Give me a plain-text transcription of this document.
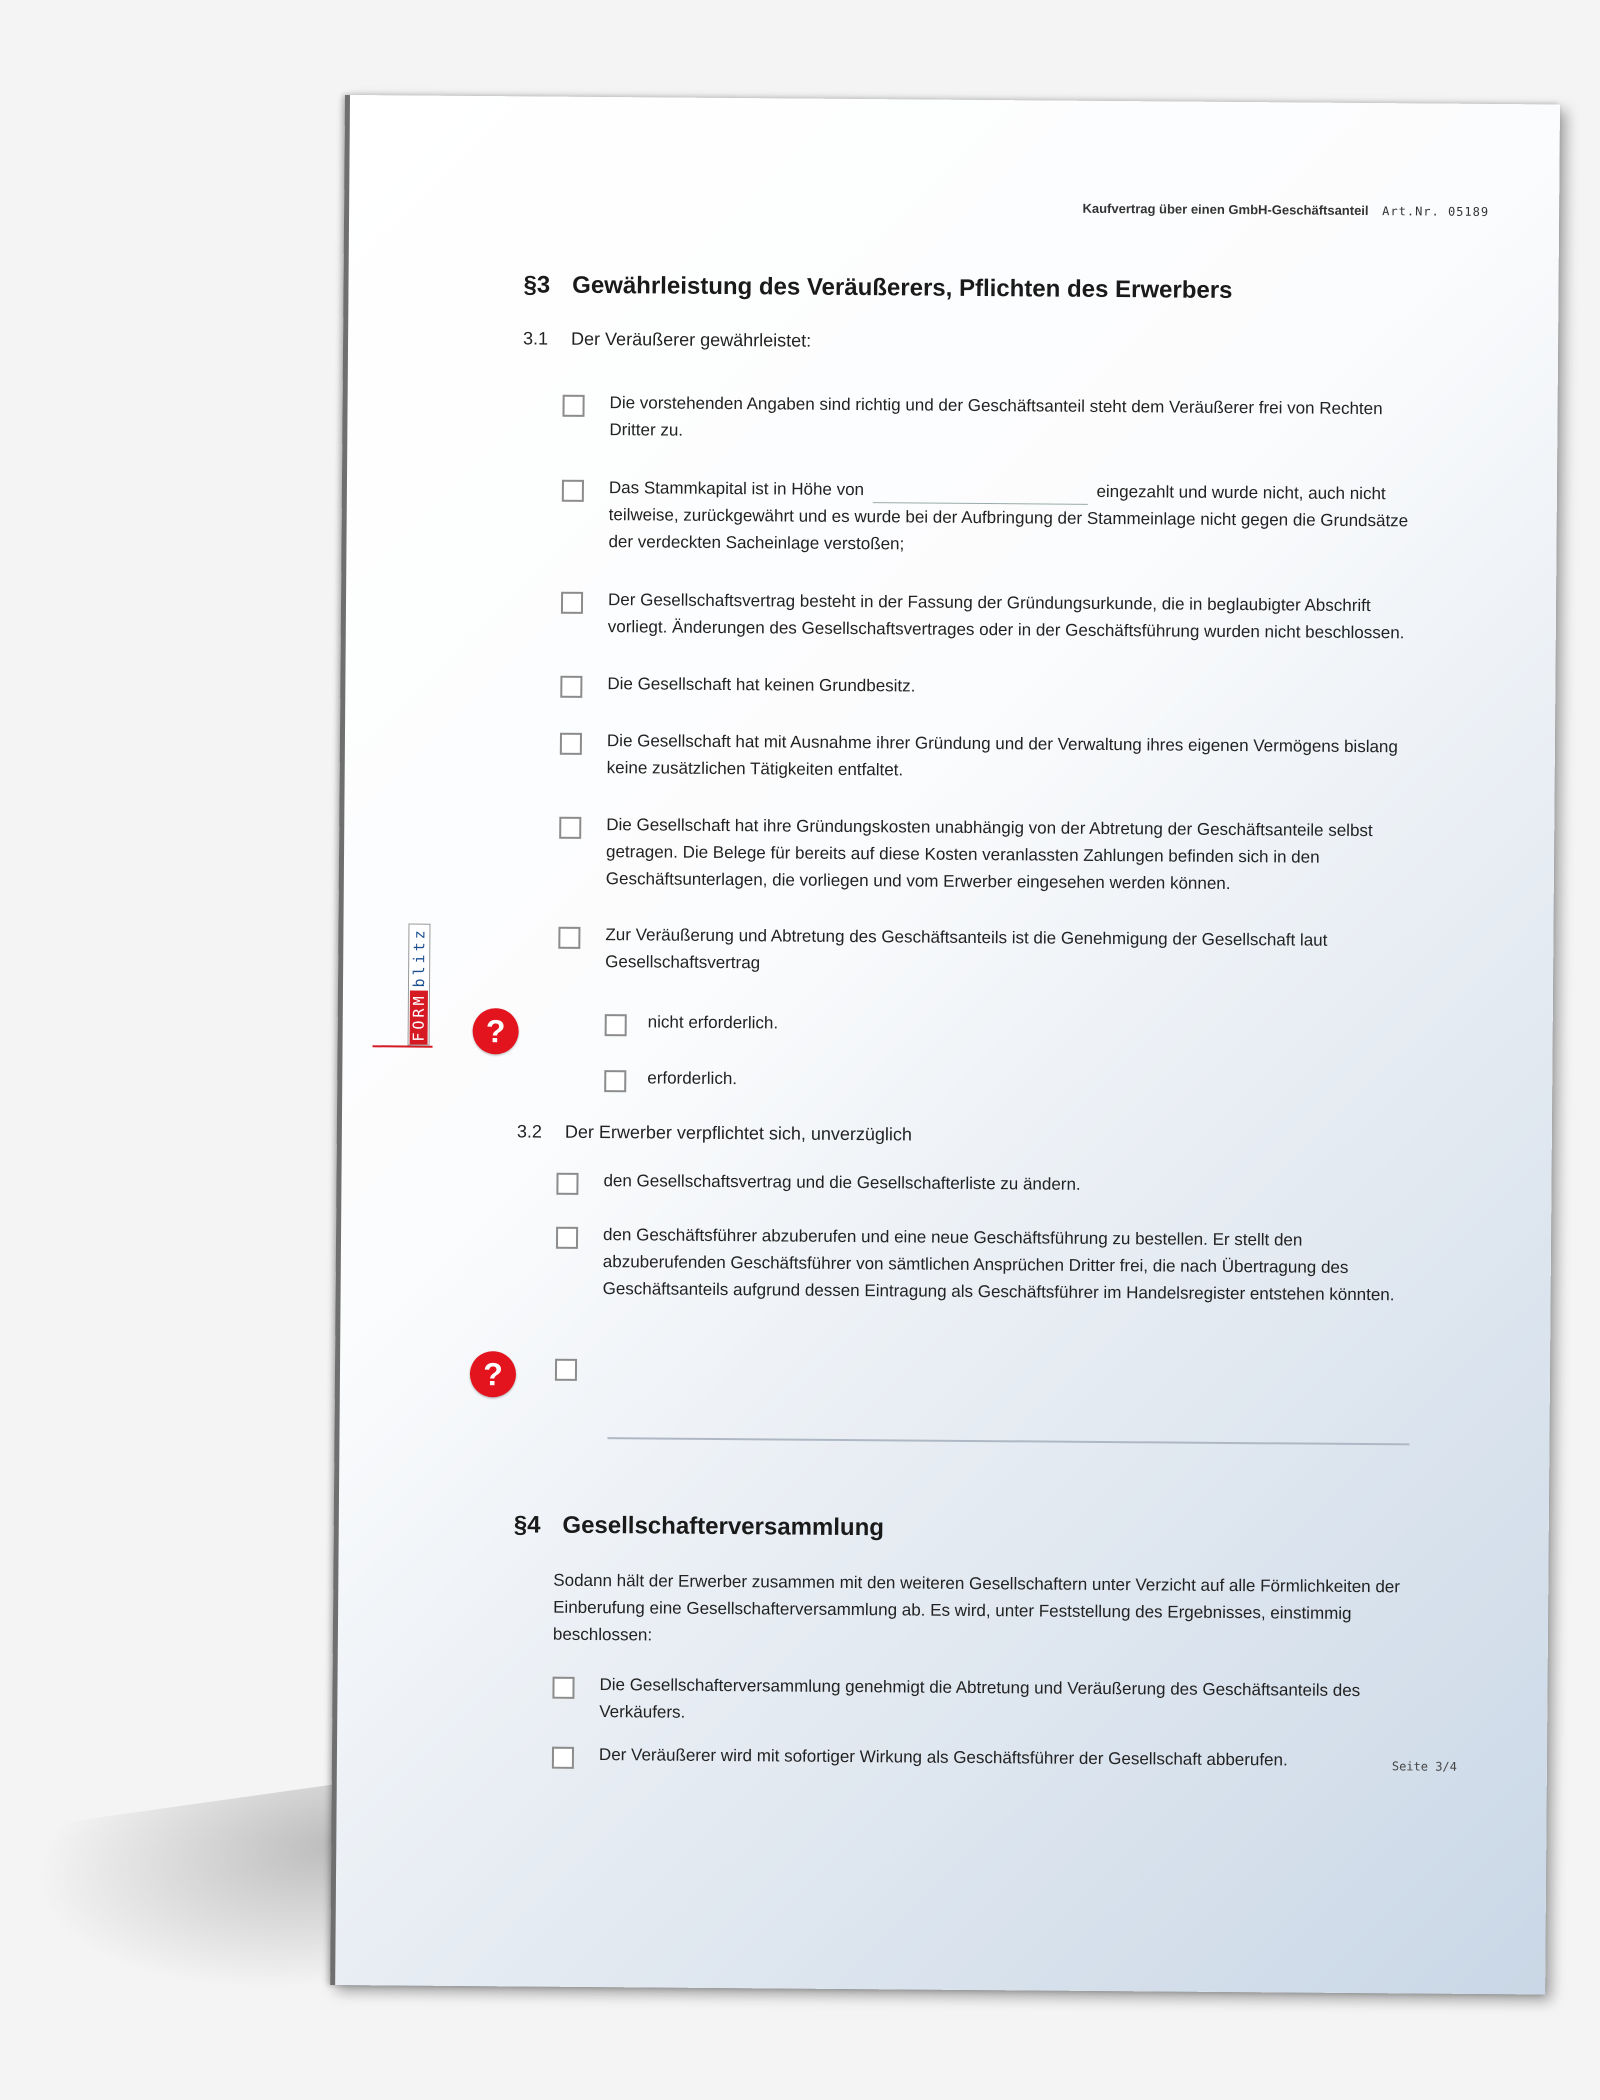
Kaufvertrag über einen GmbH-Geschäftsanteil Art.Nr. 05189
§3 Gewährleistung des Veräußerers, Pflichten des Erwerbers
3.1 Der Veräußerer gewährleistet:
Die vorstehenden Angaben sind richtig und der Geschäftsanteil steht dem Veräußerer frei von Rechten Dritter zu.
Das Stammkapital ist in Höhe von	eingezahlt und wurde nicht, auch nicht teilweise, zurückgewährt und es wurde bei der Aufbringung der Stammeinlage nicht gegen die Grundsätze der verdeckten Sacheinlage verstoßen;
Der Gesellschaftsvertrag besteht in der Fassung der Gründungsurkunde, die in beglaubigter Abschrift vorliegt. Änderungen des Gesellschaftsvertrages oder in der Geschäftsführung wurden nicht beschlossen.
Die Gesellschaft hat keinen Grundbesitz.
Die Gesellschaft hat mit Ausnahme ihrer Gründung und der Verwaltung ihres eigenen Vermögens bislang keine zusätzlichen Tätigkeiten entfaltet.
Die Gesellschaft hat ihre Gründungskosten unabhängig von der Abtretung der Geschäftsanteile selbst getragen. Die Belege für bereits auf diese Kosten veranlassten Zahlungen befinden sich in den Geschäftsunterlagen, die vorliegen und vom Erwerber eingesehen werden können.
Zur Veräußerung und Abtretung des Geschäftsanteils ist die Genehmigung der Gesellschaft laut Gesellschaftsvertrag
?	nicht erforderlich.
erforderlich.
FORMblitz
3.2 Der Erwerber verpflichtet sich, unverzüglich
den Gesellschaftsvertrag und die Gesellschafterliste zu ändern.
den Geschäftsführer abzuberufen und eine neue Geschäftsführung zu bestellen. Er stellt den abzuberufenden Geschäftsführer von sämtlichen Ansprüchen Dritter frei, die nach Übertragung des Geschäftsanteils aufgrund dessen Eintragung als Geschäftsführer im Handelsregister entstehen könnten.
?
§4 Gesellschafterversammlung
Sodann hält der Erwerber zusammen mit den weiteren Gesellschaftern unter Verzicht auf alle Förmlichkeiten der Einberufung eine Gesellschafterversammlung ab. Es wird, unter Feststellung des Ergebnisses, einstimmig beschlossen:
Die Gesellschafterversammlung genehmigt die Abtretung und Veräußerung des Geschäftsanteils des Verkäufers.
Der Veräußerer wird mit sofortiger Wirkung als Geschäftsführer der Gesellschaft abberufen.	Seite 3/4
